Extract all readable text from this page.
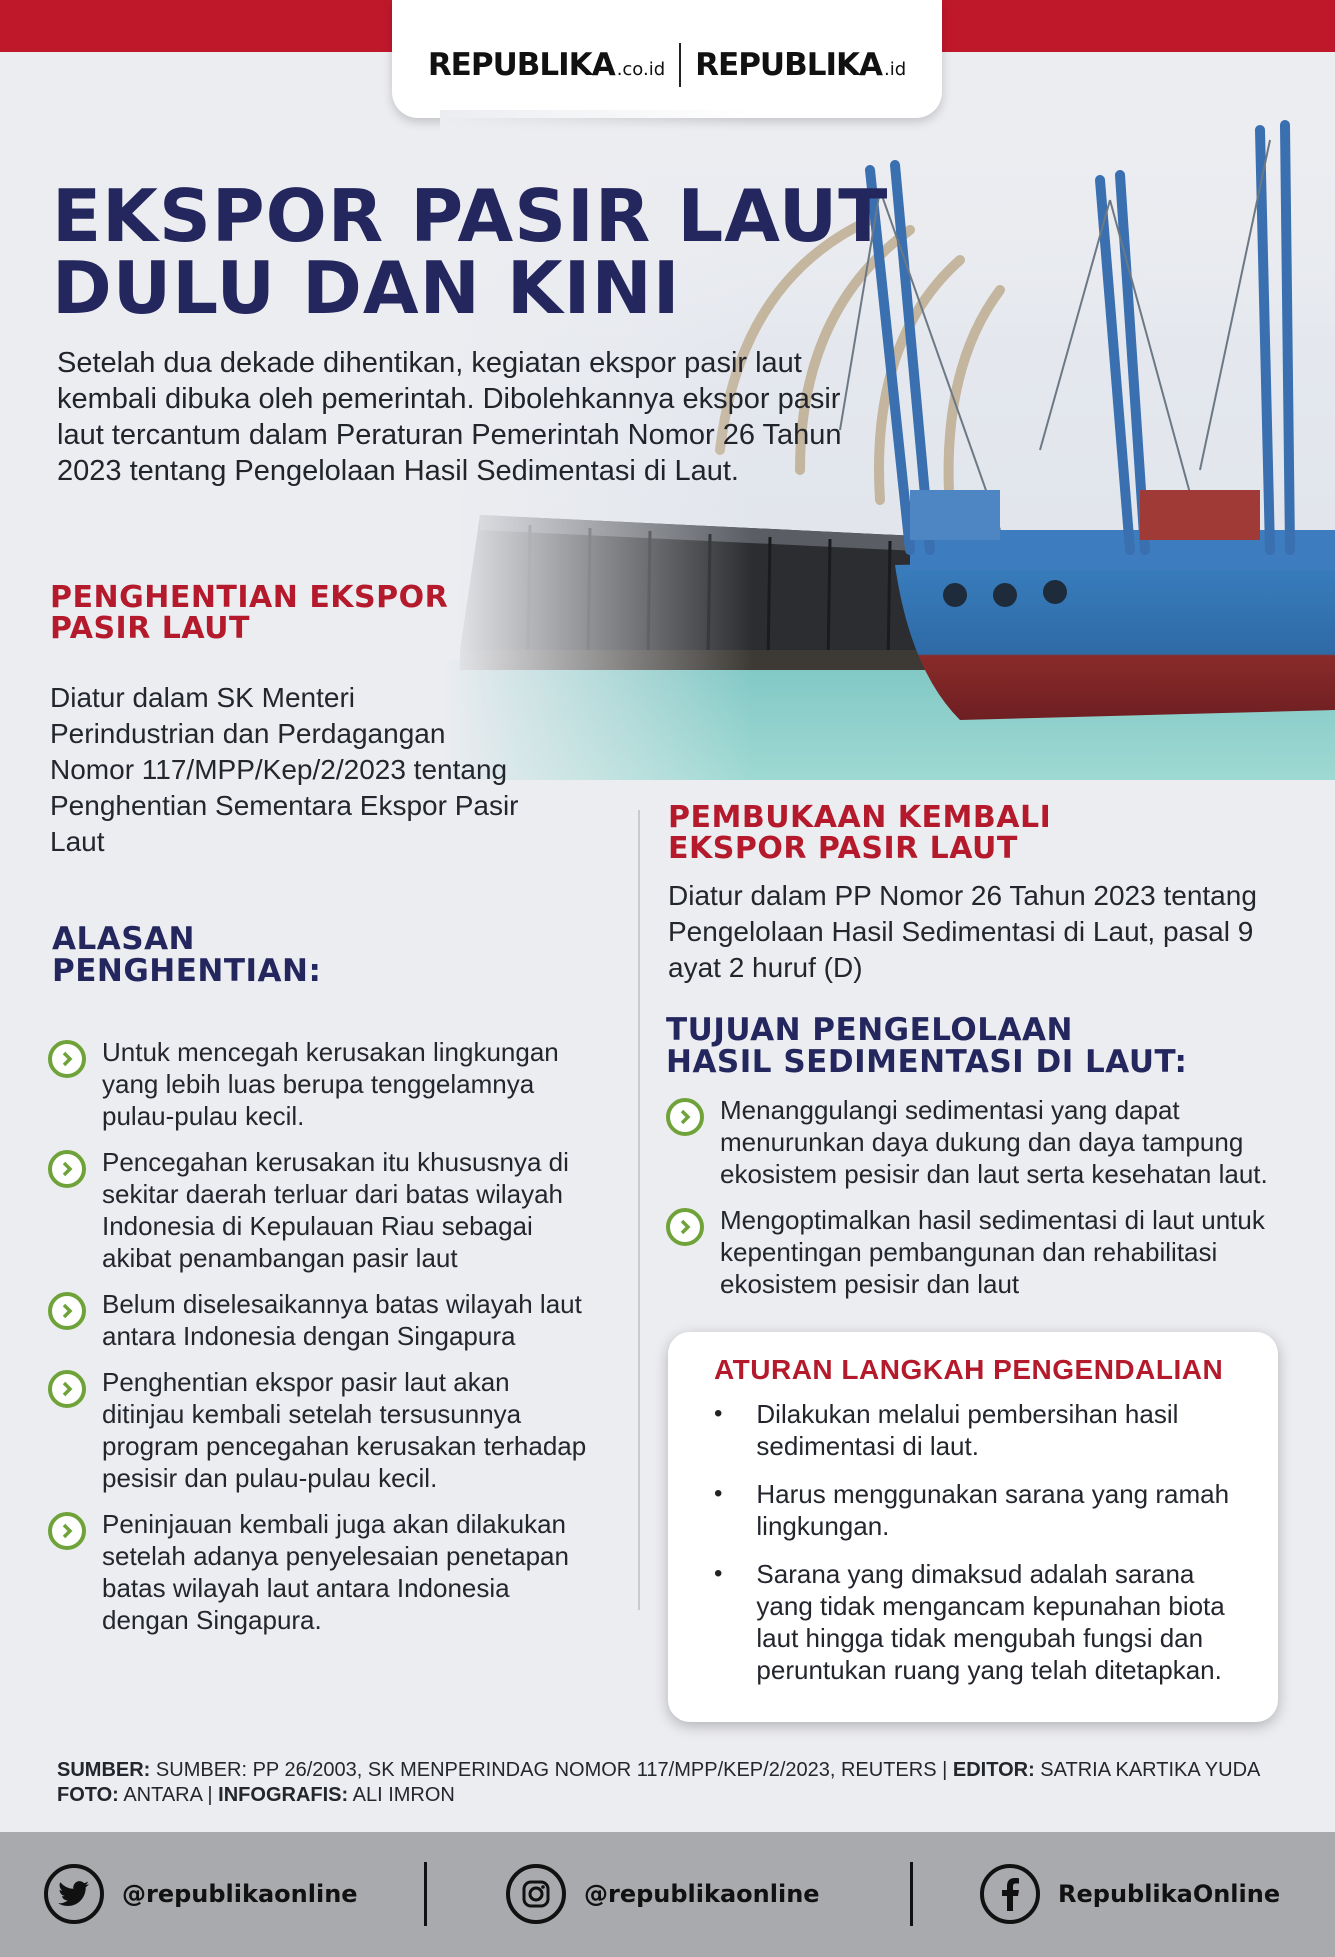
REPUBLIKA .co.id REPUBLIKA .id
EKSPOR PASIR LAUT
DULU DAN KINI

Setelah dua dekade dihentikan, kegiatan ekspor pasir laut kembali dibuka oleh pemerintah. Dibolehkannya ekspor pasir laut tercantum dalam Peraturan Pemerintah Nomor 26 Tahun 2023 tentang Pengelolaan Hasil Sedimentasi di Laut.

PENGHENTIAN EKSPOR
PASIR LAUT

Diatur dalam SK Menteri Perindustrian dan Perdagangan Nomor 117/MPP/Kep/2/2023 tentang Penghentian Sementara Ekspor Pasir Laut

ALASAN
PENGHENTIAN:
Untuk mencegah kerusakan lingkungan yang lebih luas berupa tenggelamnya pulau-pulau kecil.
Pencegahan kerusakan itu khususnya di sekitar daerah terluar dari batas wilayah Indonesia di Kepulauan Riau sebagai akibat penambangan pasir laut
Belum diselesaikannya batas wilayah laut antara Indonesia dengan Singapura
Penghentian ekspor pasir laut akan ditinjau kembali setelah tersusunnya program pencegahan kerusakan terhadap pesisir dan pulau-pulau kecil.
Peninjauan kembali juga akan dilakukan setelah adanya penyelesaian penetapan batas wilayah laut antara Indonesia dengan Singapura.
PEMBUKAAN KEMBALI
EKSPOR PASIR LAUT

Diatur dalam PP Nomor 26 Tahun 2023 tentang Pengelolaan Hasil Sedimentasi di Laut, pasal 9 ayat 2 huruf (D)

TUJUAN PENGELOLAAN
HASIL SEDIMENTASI DI LAUT:
Menanggulangi sedimentasi yang dapat menurunkan daya dukung dan daya tampung ekosistem pesisir dan laut serta kesehatan laut.
Mengoptimalkan hasil sedimentasi di laut untuk kepentingan pembangunan dan rehabilitasi ekosistem pesisir dan laut
ATURAN LANGKAH PENGENDALIAN
• Dilakukan melalui pembersihan hasil sedimentasi di laut.
• Harus menggunakan sarana yang ramah lingkungan.
• Sarana yang dimaksud adalah sarana yang tidak mengancam kepunahan biota laut hingga tidak mengubah fungsi dan peruntukan ruang yang telah ditetapkan.
SUMBER: SUMBER: PP 26/2003, SK MENPERINDAG NOMOR 117/MPP/KEP/2/2023, REUTERS | EDITOR: SATRIA KARTIKA YUDA
FOTO: ANTARA | INFOGRAFIS: ALI IMRON
@republikaonline	@republikaonline	RepublikaOnline
